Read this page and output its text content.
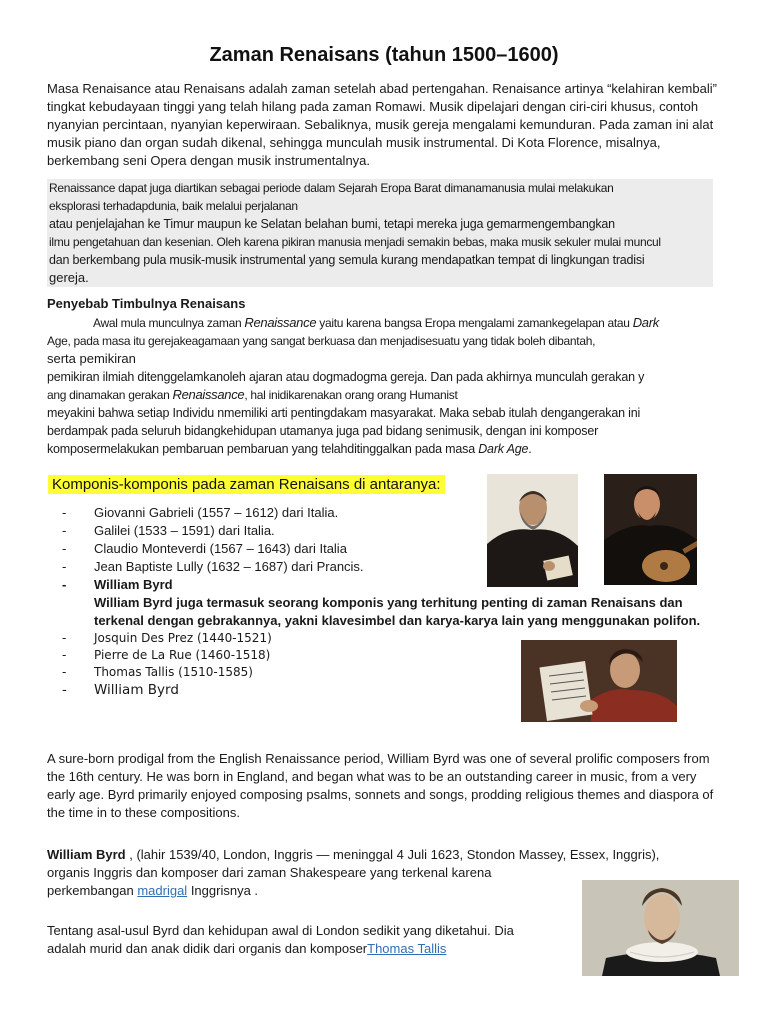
Zaman Renaisans (tahun 1500–1600)
Masa Renaisance atau Renaisans adalah zaman setelah abad pertengahan. Renaisance artinya “kelahiran kembali” tingkat kebudayaan tinggi yang telah hilang pada zaman Romawi. Musik dipelajari dengan ciri-ciri khusus, contoh nyanyian percintaan, nyanyian keperwiraan. Sebaliknya, musik gereja mengalami kemunduran. Pada zaman ini alat musik piano dan organ sudah dikenal, sehingga munculah musik instrumental. Di Kota Florence, misalnya, berkembang seni Opera dengan musik instrumentalnya.
Renaissance dapat juga diartikan sebagai periode dalam Sejarah Eropa Barat dimanamanusia mulai melakukan
eksplorasi terhadapdunia, baik melalui perjalanan
atau penjelajahan ke Timur maupun ke Selatan belahan bumi, tetapi mereka juga gemarmengembangkan
ilmu pengetahuan dan kesenian. Oleh karena pikiran manusia menjadi semakin bebas, maka musik sekuler mulai muncul
dan berkembang pula musik-musik instrumental yang semula kurang mendapatkan tempat di lingkungan tradisi
gereja.
Penyebab Timbulnya Renaisans
Awal mula munculnya zaman Renaissance yaitu karena bangsa Eropa mengalami zamankegelapan atau Dark
Age, pada masa itu gerejakeagamaan yang sangat berkuasa dan menjadisesuatu yang tidak boleh dibantah,
serta pemikiran
pemikiran ilmiah ditenggelamkanoleh ajaran atau dogmadogma gereja. Dan pada akhirnya munculah gerakan y
ang dinamakan gerakan Renaissance, hal inidikarenakan orang orang Humanist
meyakini bahwa setiap Individu nmemiliki arti pentingdakam masyarakat. Maka sebab itulah dengangerakan ini
berdampak pada seluruh bidangkehidupan utamanya juga pad bidang senimusik, dengan ini komposer
komposermelakukan pembaruan pembaruan yang telahditinggalkan pada masa Dark Age.
Komponis-komponis pada zaman Renaisans di antaranya:
- Giovanni Gabrieli (1557 – 1612) dari Italia.
- Galilei (1533 – 1591) dari Italia.
- Claudio Monteverdi (1567 – 1643) dari Italia
- Jean Baptiste Lully (1632 – 1687) dari Prancis.
- William Byrd
William Byrd juga termasuk seorang komponis yang terhitung penting di zaman Renaisans dan
terkenal dengan gebrakannya, yakni klavesimbel dan karya-karya lain yang menggunakan polifon.
- Josquin Des Prez (1440-1521)
- Pierre de La Rue (1460-1518)
- Thomas Tallis (1510-1585)
- William Byrd
A sure-born prodigal from the English Renaissance period, William Byrd was one of several prolific composers from the 16th century. He was born in England, and began what was to be an outstanding career in music, from a very early age. Byrd primarily enjoyed composing psalms, sonnets and songs, prodding religious themes and diaspora of the time in to these compositions.
William Byrd , (lahir 1539/40, London, Inggris — meninggal 4 Juli 1623, Stondon Massey, Essex, Inggris),
organis Inggris dan komposer dari zaman Shakespeare yang terkenal karena
perkembangan madrigal Inggrisnya .
Tentang asal-usul Byrd dan kehidupan awal di London sedikit yang diketahui. Dia
adalah murid dan anak didik dari organis dan komposerThomas Tallis
